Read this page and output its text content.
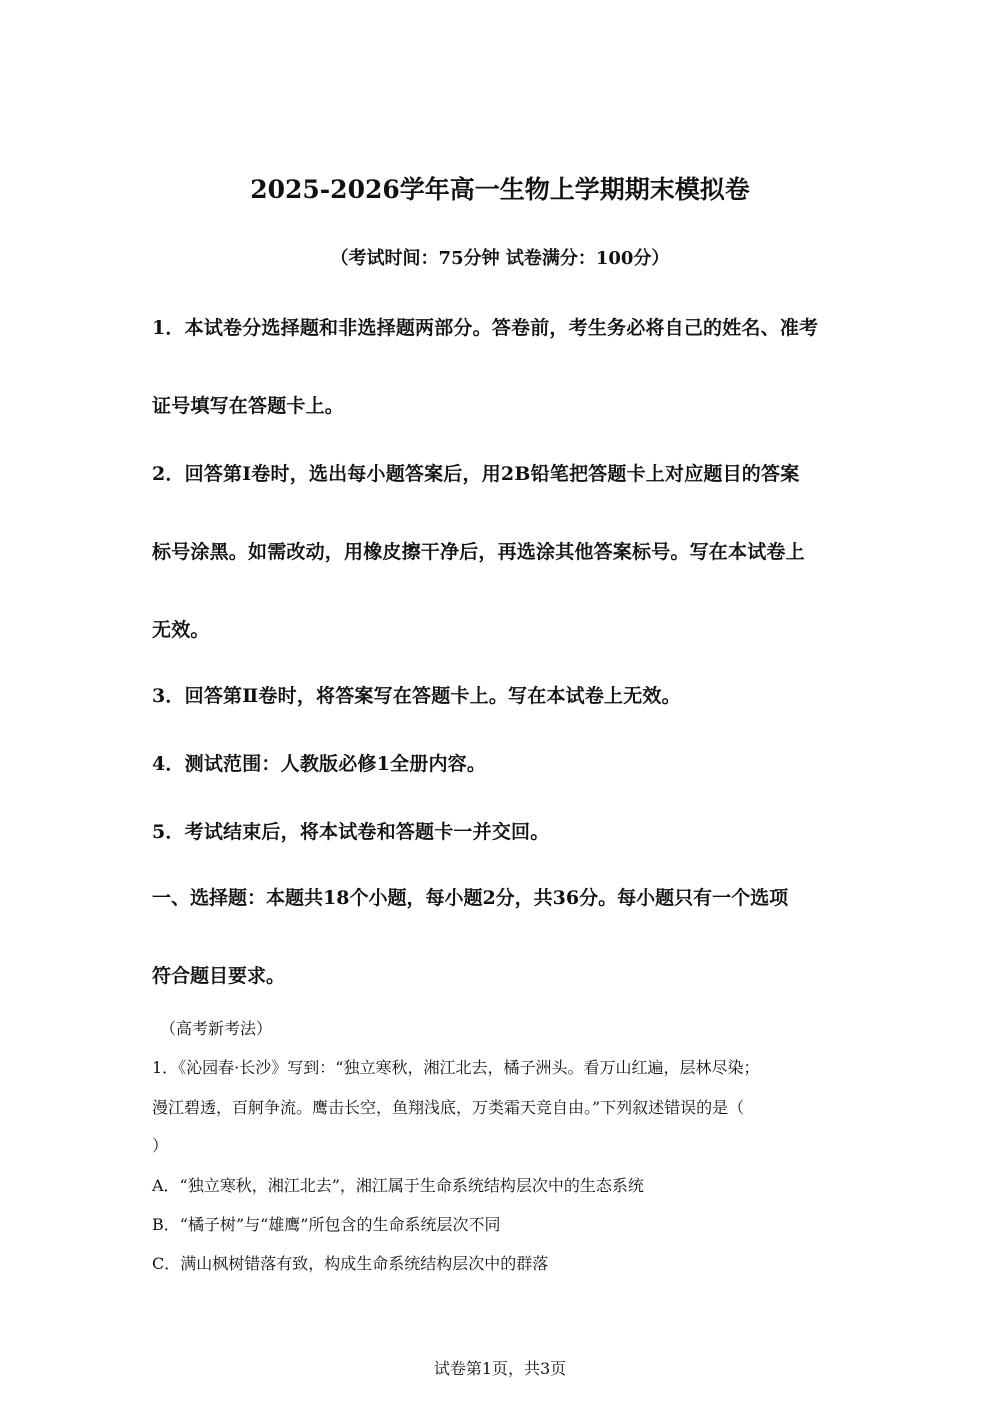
2025-2026学年高一生物上学期期末模拟卷
（考试时间：75分钟 试卷满分：100分）
1．本试卷分选择题和非选择题两部分。答卷前，考生务必将自己的姓名、准考
证号填写在答题卡上。
2．回答第Ⅰ卷时，选出每小题答案后，用2B铅笔把答题卡上对应题目的答案
标号涂黑。如需改动，用橡皮擦干净后，再选涂其他答案标号。写在本试卷上
无效。
3．回答第Ⅱ卷时，将答案写在答题卡上。写在本试卷上无效。
4．测试范围：人教版必修1全册内容。
5．考试结束后，将本试卷和答题卡一并交回。
一、选择题：本题共18个小题，每小题2分，共36分。每小题只有一个选项
符合题目要求。
（高考新考法）
1．《沁园春·长沙》写到：“独立寒秋，湘江北去，橘子洲头。看万山红遍，层林尽染；
漫江碧透，百舸争流。鹰击长空，鱼翔浅底，万类霜天竞自由。”下列叙述错误的是（
）
A．“独立寒秋，湘江北去”，湘江属于生命系统结构层次中的生态系统
B．“橘子树”与“雄鹰”所包含的生命系统层次不同
C．满山枫树错落有致，构成生命系统结构层次中的群落
试卷第1页，共3页
